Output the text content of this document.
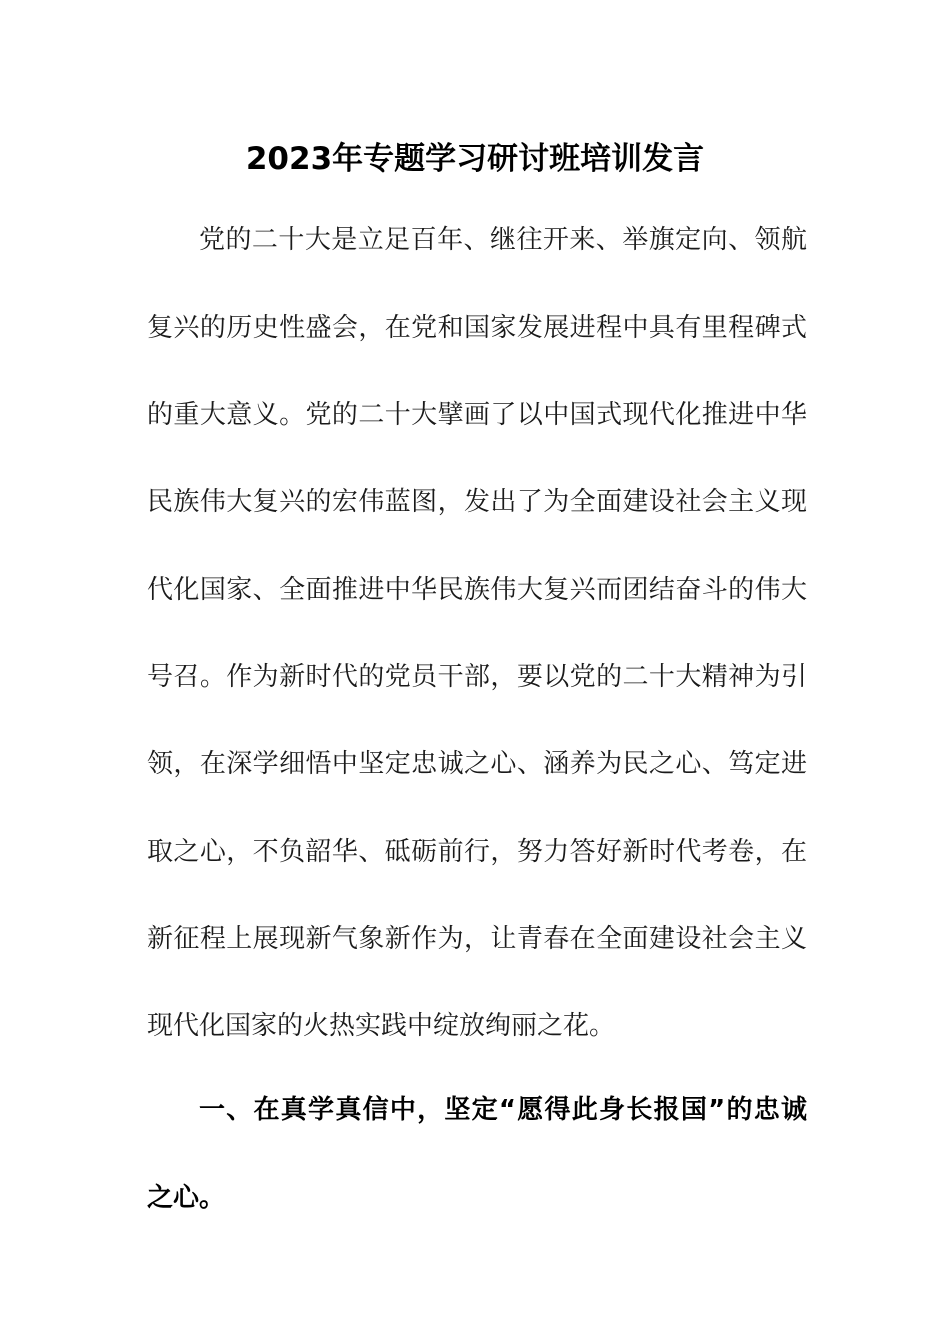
2023年专题学习研讨班培训发言
党的二十大是立足百年、继往开来、举旗定向、领航
复兴的历史性盛会，在党和国家发展进程中具有里程碑式
的重大意义。党的二十大擘画了以中国式现代化推进中华
民族伟大复兴的宏伟蓝图，发出了为全面建设社会主义现
代化国家、全面推进中华民族伟大复兴而团结奋斗的伟大
号召。作为新时代的党员干部，要以党的二十大精神为引
领，在深学细悟中坚定忠诚之心、涵养为民之心、笃定进
取之心，不负韶华、砥砺前行，努力答好新时代考卷，在
新征程上展现新气象新作为，让青春在全面建设社会主义
现代化国家的火热实践中绽放绚丽之花。
一、在真学真信中，坚定“愿得此身长报国”的忠诚
之心。
